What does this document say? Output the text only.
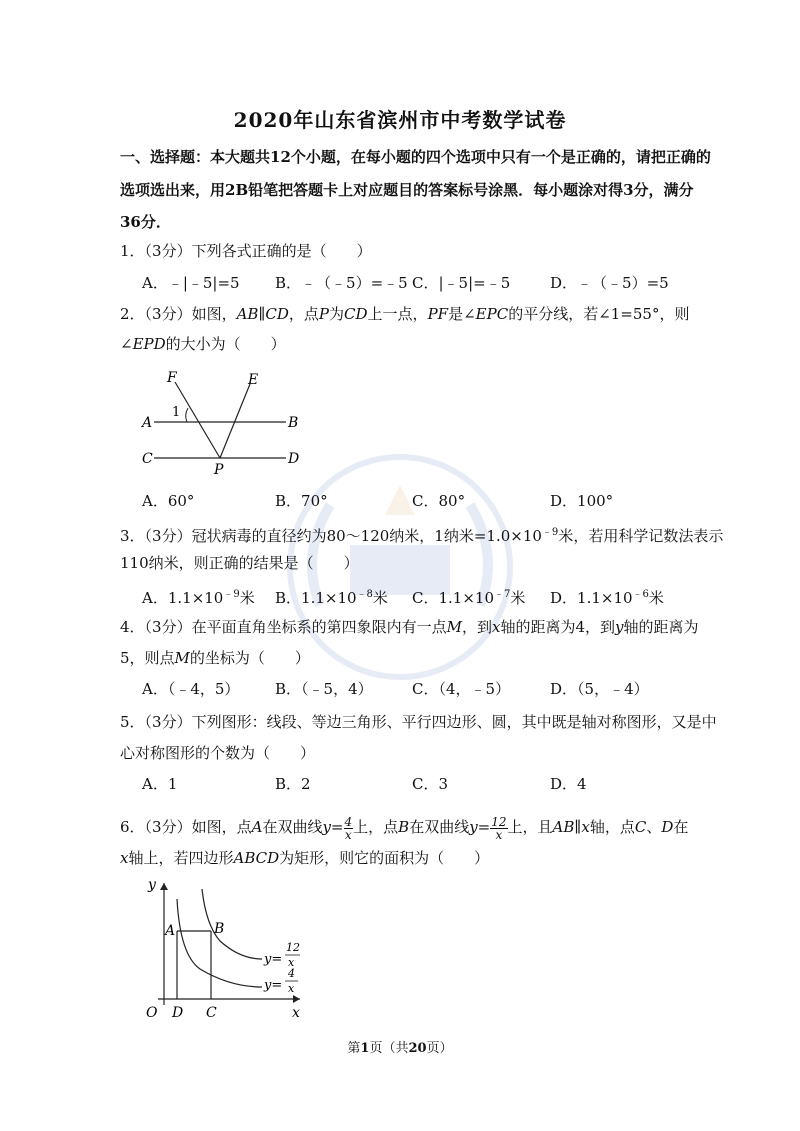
2020年山东省滨州市中考数学试卷
一、选择题：本大题共12个小题，在每小题的四个选项中只有一个是正确的，请把正确的
选项选出来，用2B铅笔把答题卡上对应题目的答案标号涂黑．每小题涂对得3分，满分
36分．
1．（3分）下列各式正确的是（　　）
A．﹣|﹣5|=5 B．﹣（﹣5）=﹣5 C．|﹣5|=﹣5	D．﹣（﹣5）=5
2．（3分）如图，AB∥CD，点P为CD上一点，PF是∠EPC的平分线，若∠1=55°，则
∠EPD的大小为（　　）
F	E
A	B
C	D
P
1
A．60°	B．70°	C．80°	D．100°
3．（3分）冠状病毒的直径约为80～120纳米，1纳米$=1.0\times 10^{﹣9}$米，若用科学记数法表示
110纳米，则正确的结果是（　　）
A．$1.1\times 10^{﹣9}$米 B．$1.1\times 10^{﹣8}$米 C．$1.1\times 10^{﹣7}$米 D．$1.1\times 10^{﹣6}$米
4．（3分）在平面直角坐标系的第四象限内有一点M，到x轴的距离为4，到y轴的距离为
5，则点M的坐标为（　　）
A．（﹣4，5） B．（﹣5，4）	C．（4，﹣5）	D．（5，﹣4）
5．（3分）下列图形：线段、等边三角形、平行四边形、圆，其中既是轴对称图形，又是中
心对称图形的个数为（　　）
A．1	B．2	C．3	D．4
6．（3分）如图，点A在双曲线$y= \frac{4}{x}$ 上，点B在双曲线$y= \frac{12}{x}$ 上，且AB∥x轴，点C、D在
x轴上，若四边形ABCD为矩形，则它的面积为（　　）
y
x
O
A	B
D C
y=
12
x
y=
4
x
第1页（共20页）
